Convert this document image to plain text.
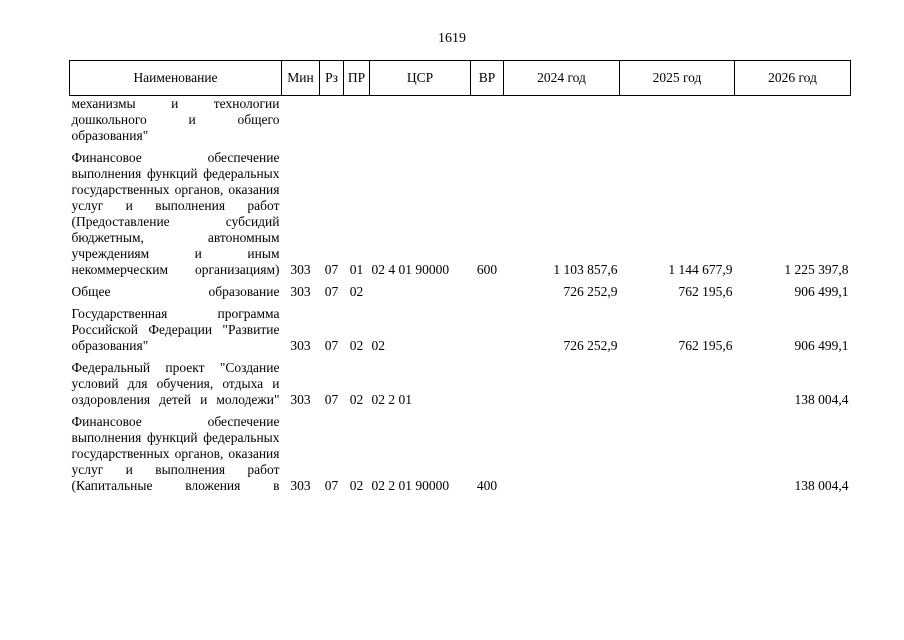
1619
Наименование	Мин	Рз	ПР	ЦСР	ВР	2024 год	2025 год	2026 год
механизмы и технологии дошкольного и общего образования"								

Финансовое обеспечение выполнения функций федеральных государственных органов, оказания услуг и выполнения работ (Предоставление субсидий бюджетным, автономным учреждениям и иным некоммерческим организациям)	303	07	01	02 4 01 90000	600	1 103 857,6	1 144 677,9	1 225 397,8

Общее образование	303	07	02			726 252,9	762 195,6	906 499,1

Государственная программа Российской Федерации "Развитие образования"	303	07	02	02		726 252,9	762 195,6	906 499,1

Федеральный проект "Создание условий для обучения, отдыха и оздоровления детей и молодежи"	303	07	02	02 2 01				138 004,4

Финансовое обеспечение выполнения функций федеральных государственных органов, оказания услуг и выполнения работ (Капитальные вложения в	303	07	02	02 2 01 90000	400			138 004,4
